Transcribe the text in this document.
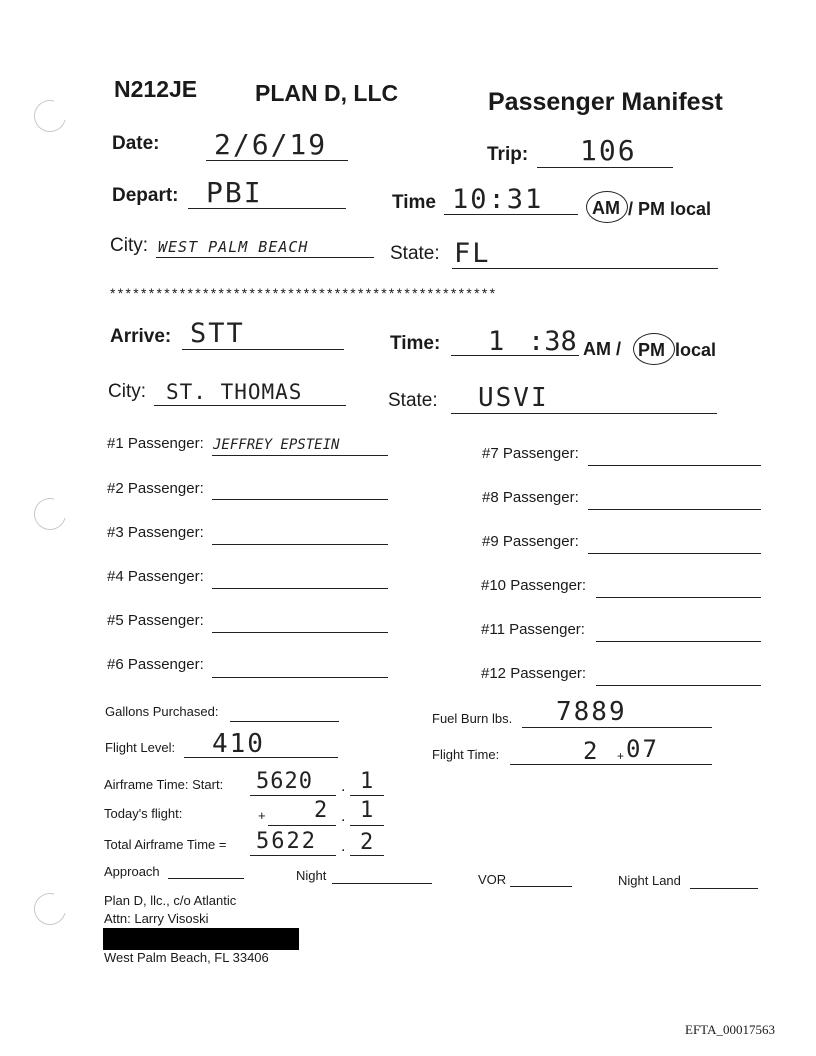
N212JE	PLAN D, LLC	Passenger Manifest
Date: 2/6/19	Trip: 106
Depart: PBI	Time 10:31	AM / PM local
City: WEST PALM BEACH	State: FL
**************************************************
Arrive: STT	Time: 1 :38 AM / PM local
City: ST. THOMAS	State: USVI
#1 Passenger: JEFFREY EPSTEIN
#2 Passenger:
#3 Passenger:
#4 Passenger:
#5 Passenger:
#6 Passenger:
#7 Passenger:
#8 Passenger:
#9 Passenger:
#10 Passenger:
#11 Passenger:
#12 Passenger:
Gallons Purchased:	Fuel Burn lbs. 7889
Flight Level: 410	Flight Time:	2 + 07
Airframe Time: Start: 5620 . 1
Today's flight:	+ 2 . 1
Total Airframe Time = 5622 . 2
Approach	Night	VOR	Night Land
Plan D, llc., c/o Atlantic
Attn: Larry Visoski
West Palm Beach, FL 33406
EFTA_00017563
